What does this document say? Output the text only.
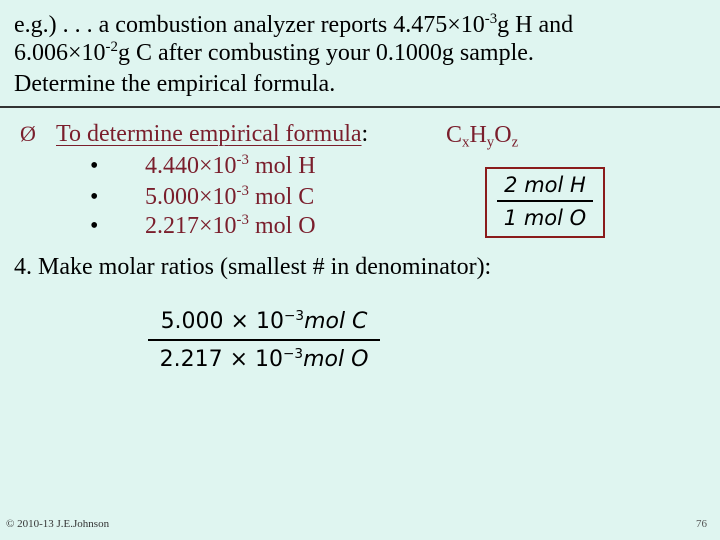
e.g.) . . . a combustion analyzer reports $4.475\times 10^{-3}g$ H and
$6.006\times 10^{-2}g$ C after combusting your 0.1000g sample.
Determine the empirical formula.
Ø To determine empirical formula:	$C_xH_yO_z$
• $4.440\times 10^{-3}$ mol H
• $5.000\times 10^{-3}$ mol C
• $2.217\times 10^{-3}$ mol O
2 mol H
1 mol O
4. Make molar ratios (smallest # in denominator):
$5.000 \times 10^{-3}mol$ C
$2.217 \times 10^{-3}mol$ O
© 2010-13 J.E.Johnson	76
